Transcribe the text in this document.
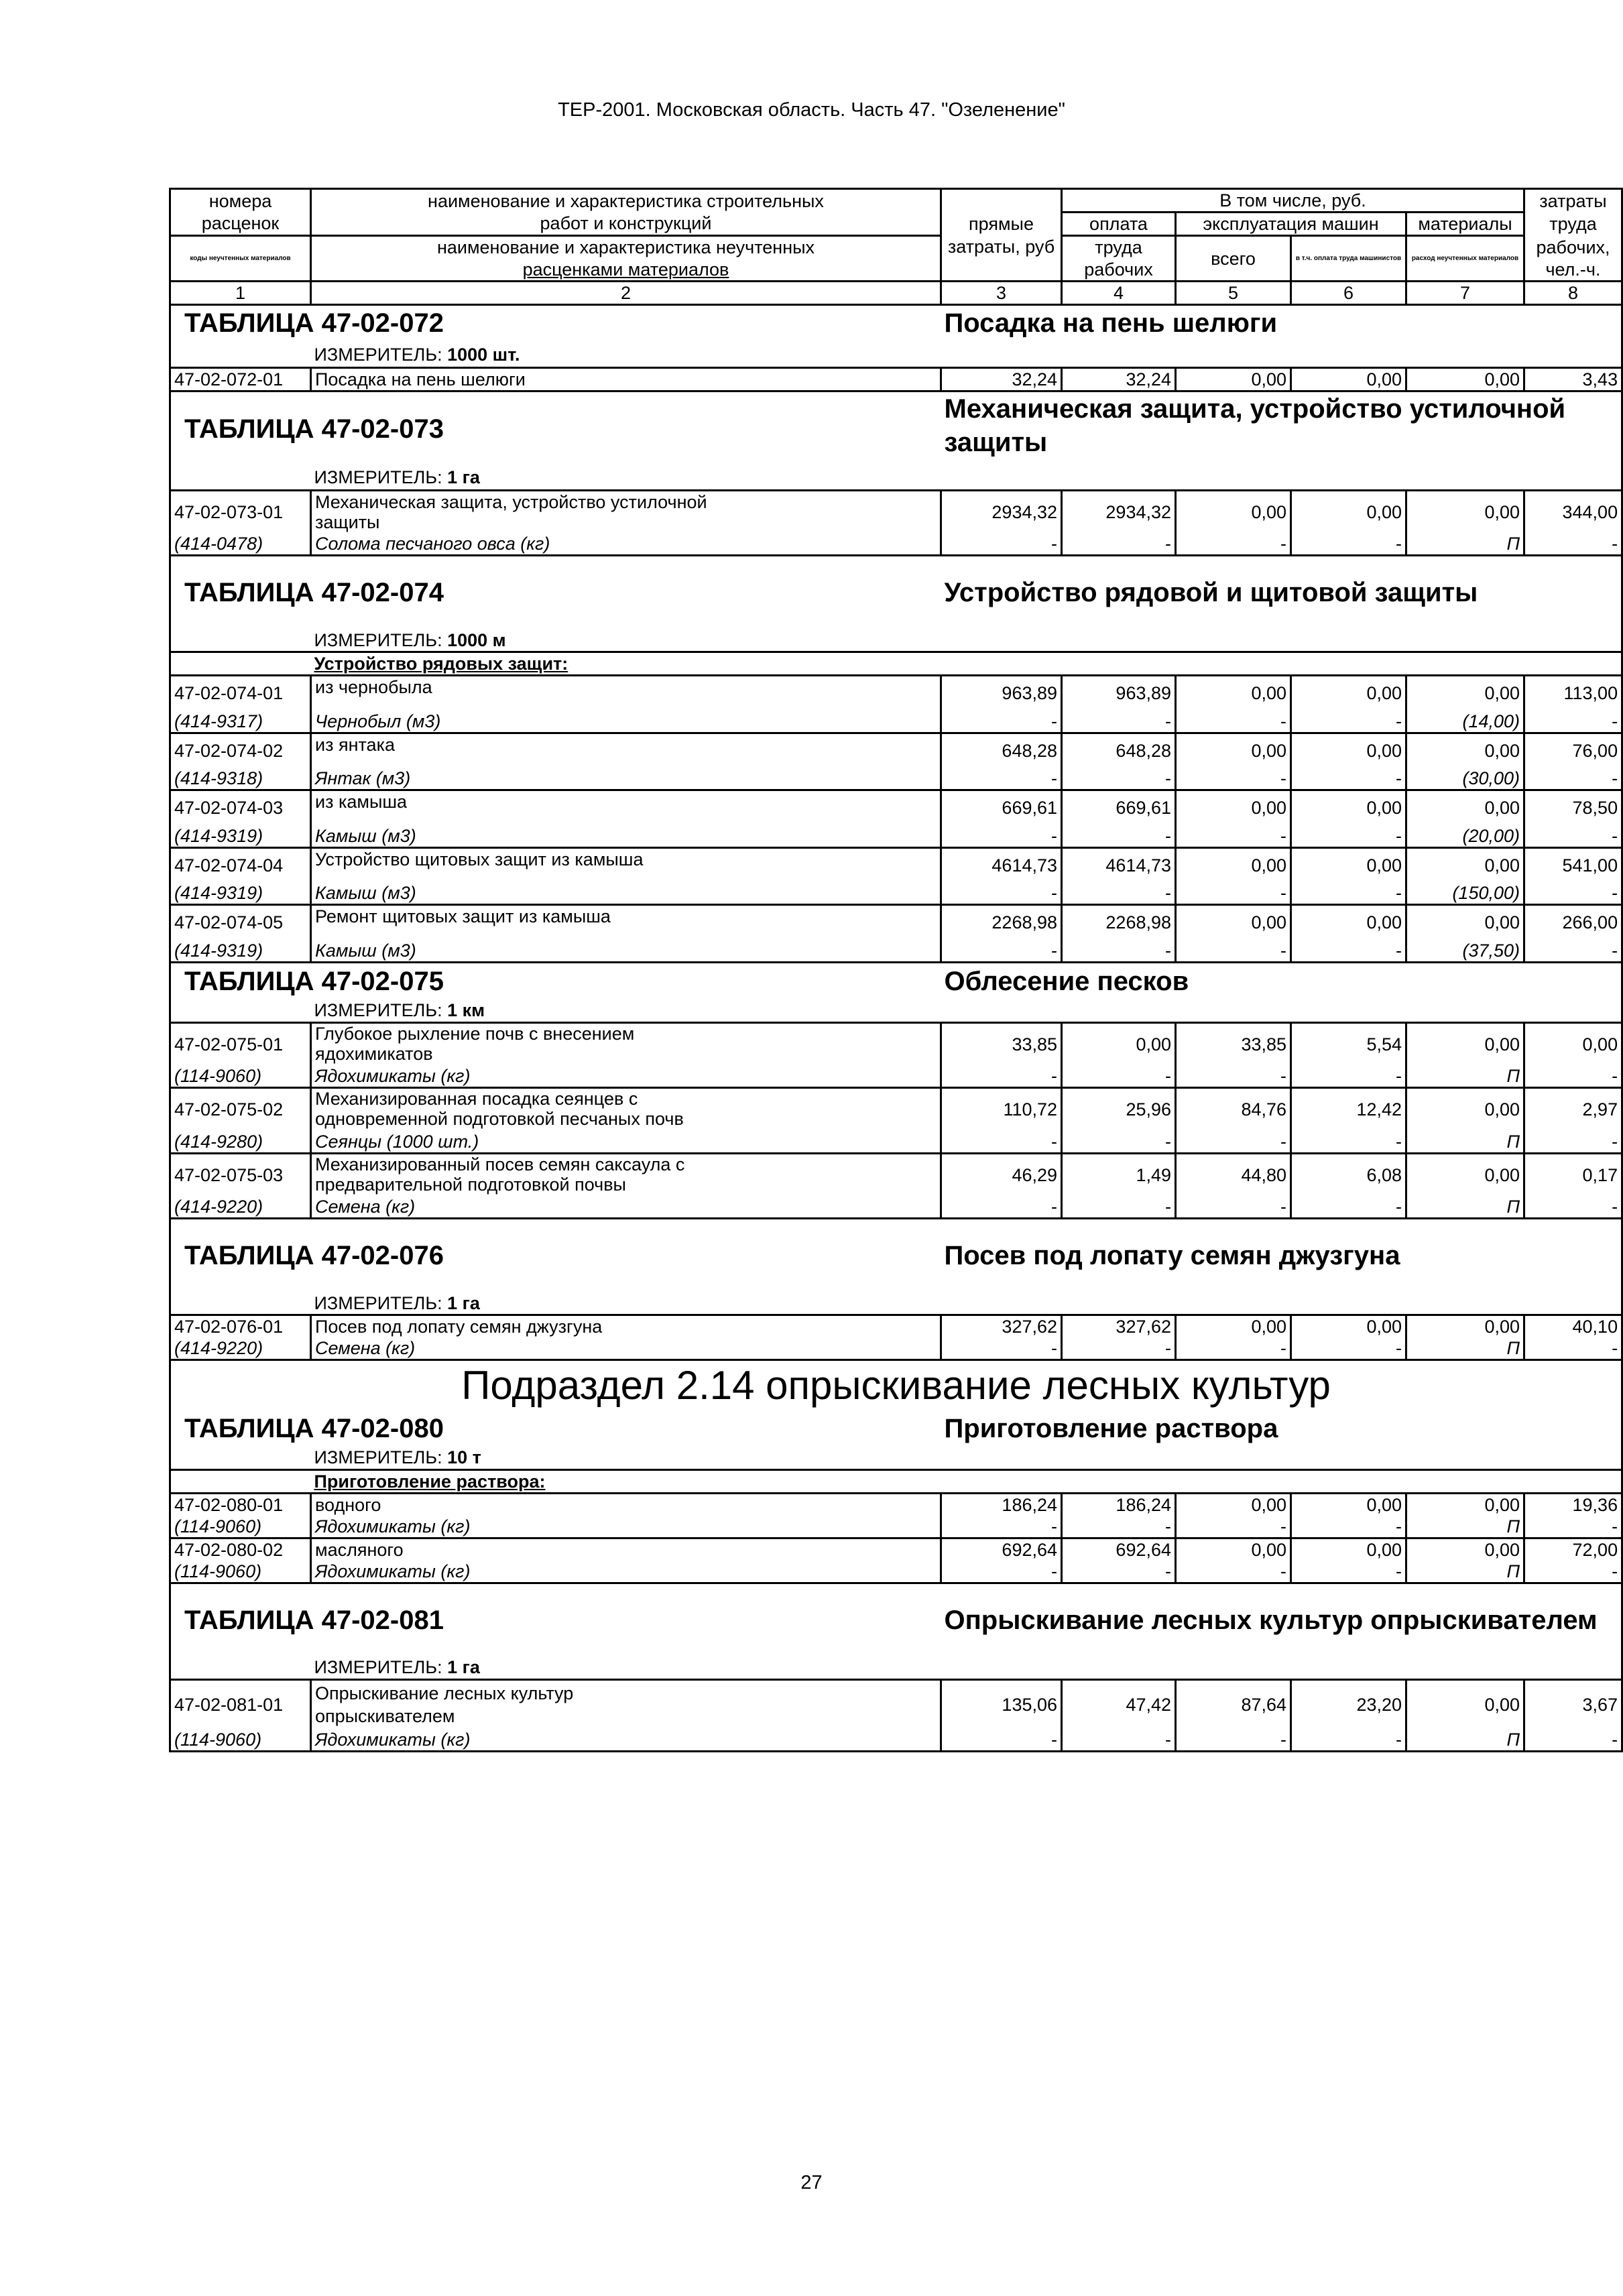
ТЕР-2001. Московская область. Часть 47. "Озеленение"
номера	наименование и характеристика строительных	прямые затраты, руб	В том числе, руб.				затраты
расценок	работ и конструкций		оплата	эксплуатация машин		материалы	труда
коды неучтенных материалов	наименование и характеристика неучтенных		труда	всего	в т.ч. оплата труда машинистов	расход неучтенных материалов	рабочих,
	расценками материалов		рабочих				чел.-ч.
1	2	3	4	5	6	7	8
ТАБЛИЦА 47-02-072		Посадка на пень шелюги					
	ИЗМЕРИТЕЛЬ: 1000 шт.						
47-02-072-01	Посадка на пень шелюги	32,24	32,24	0,00	0,00	0,00	3,43
ТАБЛИЦА 47-02-073		Механическая защита, устройство устилочной
защиты					

	ИЗМЕРИТЕЛЬ: 1 га						
47-02-073-01	Механическая защита, устройство устилочной
защиты	2934,32	2934,32	0,00	0,00	0,00	344,00
(414-0478)	Солома песчаного овса (кг)	-	-	-	-	П	-
ТАБЛИЦА 47-02-074		Устройство рядовой и щитовой защиты					
	ИЗМЕРИТЕЛЬ: 1000 м						
	Устройство рядовых защит:						
47-02-074-01	из чернобыла	963,89	963,89	0,00	0,00	0,00	113,00
(414-9317)	Чернобыл (м3)	-	-	-	-	(14,00)	-
47-02-074-02	из янтака	648,28	648,28	0,00	0,00	0,00	76,00
(414-9318)	Янтак (м3)	-	-	-	-	(30,00)	-
47-02-074-03	из камыша	669,61	669,61	0,00	0,00	0,00	78,50
(414-9319)	Камыш (м3)	-	-	-	-	(20,00)	-
47-02-074-04	Устройство щитовых защит из камыша	4614,73	4614,73	0,00	0,00	0,00	541,00
(414-9319)	Камыш (м3)	-	-	-	-	(150,00)	-
47-02-074-05	Ремонт щитовых защит из камыша	2268,98	2268,98	0,00	0,00	0,00	266,00
(414-9319)	Камыш (м3)	-	-	-	-	(37,50)	-
ТАБЛИЦА 47-02-075		Облесение песков					
	ИЗМЕРИТЕЛЬ: 1 км						
47-02-075-01	Глубокое рыхление почв с внесением
ядохимикатов	33,85	0,00	33,85	5,54	0,00	0,00
(114-9060)	Ядохимикаты (кг)	-	-	-	-	П	-
47-02-075-02	Механизированная посадка сеянцев с
одновременной подготовкой песчаных почв	110,72	25,96	84,76	12,42	0,00	2,97
(414-9280)	Сеянцы (1000 шт.)	-	-	-	-	П	-
47-02-075-03	Механизированный посев семян саксаула с
предварительной подготовкой почвы	46,29	1,49	44,80	6,08	0,00	0,17
(414-9220)	Семена (кг)	-	-	-	-	П	-
ТАБЛИЦА 47-02-076		Посев под лопату семян джузгуна					
	ИЗМЕРИТЕЛЬ: 1 га						
47-02-076-01	Посев под лопату семян джузгуна	327,62	327,62	0,00	0,00	0,00	40,10
(414-9220)	Семена (кг)	-	-	-	-	П	-
Подраздел 2.14 опрыскивание лесных культур							
ТАБЛИЦА 47-02-080		Приготовление раствора					
	ИЗМЕРИТЕЛЬ: 10 т						
	Приготовление раствора:						
47-02-080-01	водного	186,24	186,24	0,00	0,00	0,00	19,36
(114-9060)	Ядохимикаты (кг)	-	-	-	-	П	-
47-02-080-02	масляного	692,64	692,64	0,00	0,00	0,00	72,00
(114-9060)	Ядохимикаты (кг)	-	-	-	-	П	-
ТАБЛИЦА 47-02-081		Опрыскивание лесных культур опрыскивателем					
	ИЗМЕРИТЕЛЬ: 1 га						
47-02-081-01	Опрыскивание лесных культур
опрыскивателем	135,06	47,42	87,64	23,20	0,00	3,67
(114-9060)	Ядохимикаты (кг)	-	-	-	-	П	-
27
